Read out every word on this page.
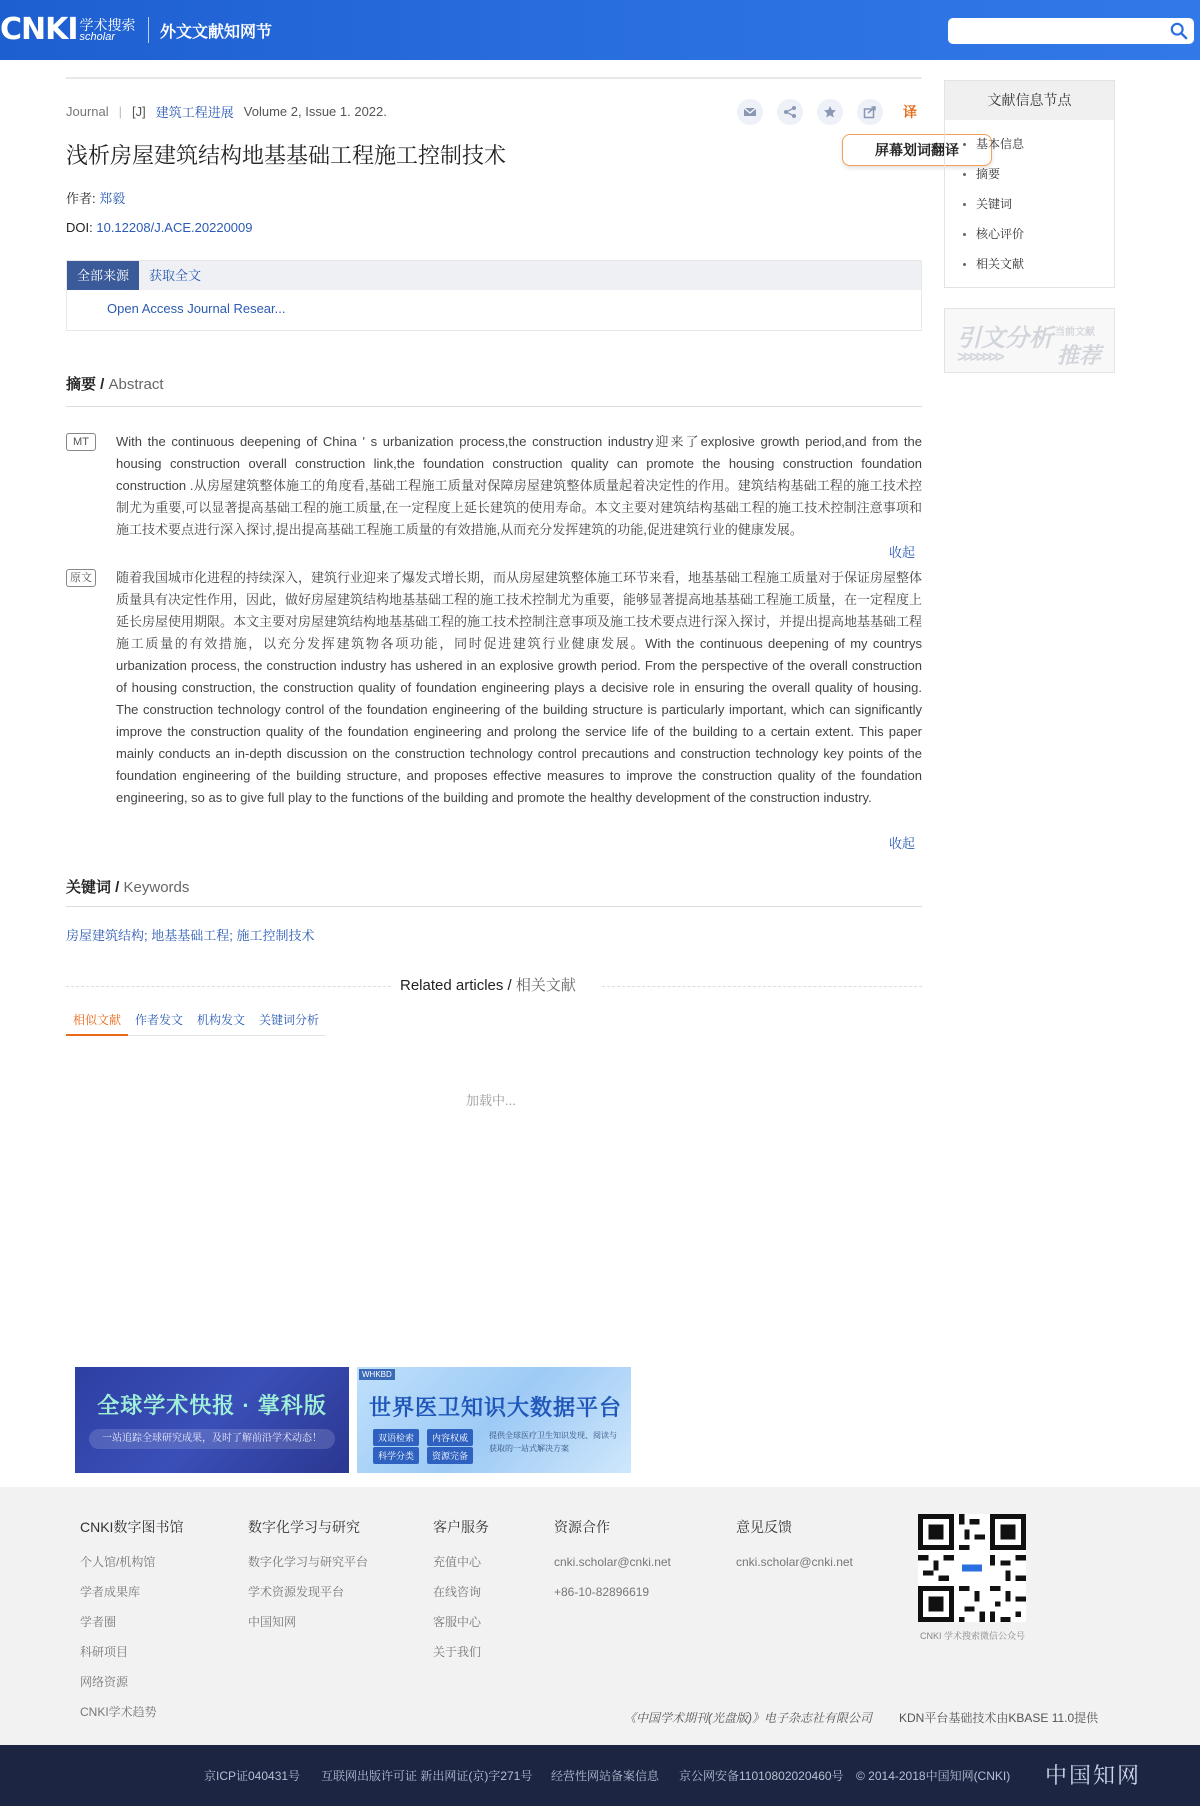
CNKI 学术搜索
scholar	外文文献知网节
Journal | [J] 建筑工程进展 Volume 2, Issue 1. 2022.	译
屏幕划词翻译
浅析房屋建筑结构地基基础工程施工控制技术
作者: 郑毅
DOI: 10.12208/J.ACE.20220009
全部来源	获取全文
Open Access Journal Resear...
摘要 / Abstract
MT	With the continuous deepening of China ' s urbanization process,the construction industry迎来了explosive growth period,and from the housing construction overall construction link,the foundation construction quality can promote the housing construction foundation construction .从房屋建筑整体施工的角度看,基础工程施工质量对保障房屋建筑整体质量起着决定性的作用。建筑结构基础工程的施工技术控制尤为重要,可以显著提高基础工程的施工质量,在一定程度上延长建筑的使用寿命。本文主要对建筑结构基础工程的施工技术控制注意事项和施工技术要点进行深入探讨,提出提高基础工程施工质量的有效措施,从而充分发挥建筑的功能,促进建筑行业的健康发展。
收起
原文	随着我国城市化进程的持续深入，建筑行业迎来了爆发式增长期，而从房屋建筑整体施工环节来看，地基基础工程施工质量对于保证房屋整体质量具有决定性作用，因此，做好房屋建筑结构地基基础工程的施工技术控制尤为重要，能够显著提高地基基础工程施工质量，在一定程度上延长房屋使用期限。本文主要对房屋建筑结构地基基础工程的施工技术控制注意事项及施工技术要点进行深入探讨，并提出提高地基基础工程施工质量的有效措施，以充分发挥建筑物各项功能，同时促进建筑行业健康发展。With the continuous deepening of my countrys urbanization process, the construction industry has ushered in an explosive growth period. From the perspective of the overall construction of housing construction, the construction quality of foundation engineering plays a decisive role in ensuring the overall quality of housing. The construction technology control of the foundation engineering of the building structure is particularly important, which can significantly improve the construction quality of the foundation engineering and prolong the service life of the building to a certain extent. This paper mainly conducts an in-depth discussion on the construction technology control precautions and construction technology key points of the foundation engineering of the building structure, and proposes effective measures to improve the construction quality of the foundation engineering, so as to give full play to the functions of the building and promote the healthy development of the construction industry.
收起
关键词 / Keywords
房屋建筑结构; 地基基础工程; 施工控制技术
Related articles / 相关文献
相似文献	作者发文	机构发文	关键词分析
加载中...
全球学术快报 · 掌科版
一站追踪全球研究成果，及时了解前沿学术动态！
WHKBD
世界医卫知识大数据平台
双语检索	内容权威
科学分类	资源完备
提供全球医疗卫生知识发现、阅读与获取的一站式解决方案
文献信息节点
基本信息
摘要
关键词
核心评价
相关文献
引文分析 当前文献
推荐
>>>>>>>
CNKI数字图书馆
个人馆/机构馆
学者成果库
学者圈
科研项目
网络资源
CNKI学术趋势
数字化学习与研究
数字化学习与研究平台
学术资源发现平台
中国知网
客户服务
充值中心
在线咨询
客服中心
关于我们
资源合作
cnki.scholar@cnki.net
+86-10-82896619
意见反馈
cnki.scholar@cnki.net
CNKI 学术搜索微信公众号
《中国学术期刊(光盘版)》电子杂志社有限公司 KDN平台基础技术由KBASE 11.0提供
京ICP证040431号 互联网出版许可证 新出网证(京)字271号 经营性网站备案信息 京公网安备11010802020460号 © 2014-2018中国知网(CNKI) 中国知网
